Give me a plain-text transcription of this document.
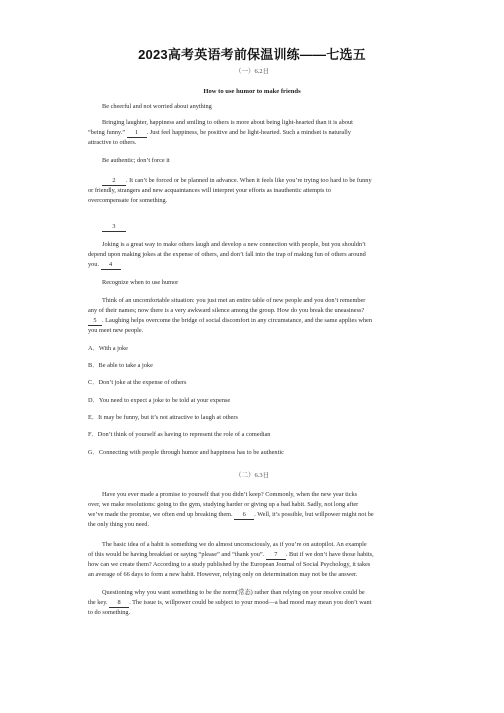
2023高考英语考前保温训练——七选五
（一）6.2日
How to use humor to make friends
Be cheerful and not worried about anything
Bringing laughter, happiness and smiling to others is more about being light-hearted than it is about
“being funny.” 1 . Just feel happiness, be positive and be light-hearted. Such a mindset is naturally
attractive to others.
Be authentic; don’t force it
2 . It can’t be forced or be planned in advance. When it feels like you’re trying too hard to be funny
or friendly, strangers and new acquaintances will interpret your efforts as inauthentic attempts to
overcompensate for something.
3
Joking is a great way to make others laugh and develop a new connection with people, but you shouldn’t
depend upon making jokes at the expense of others, and don’t fall into the trap of making fun of others around
you. 4
Recognize when to use humor
Think of an uncomfortable situation: you just met an entire table of new people and you don’t remember
any of their names; now there is a very awkward silence among the group. How do you break the uneasiness?
5 . Laughing helps overcome the bridge of social discomfort in any circumstance, and the same applies when
you meet new people.
A．With a joke
B．Be able to take a joke
C．Don’t joke at the expense of others
D．You need to expect a joke to be told at your expense
E．It may be funny, but it’s not attractive to laugh at others
F．Don’t think of yourself as having to represent the role of a comedian
G．Connecting with people through humor and happiness has to be authentic
（二）6.3日
Have you ever made a promise to yourself that you didn’t keep? Commonly, when the new year ticks
over, we make resolutions: going to the gym, studying harder or giving up a bad habit. Sadly, not long after
we’ve made the promise, we often end up breaking them. 6 . Well, it’s possible, but willpower might not be
the only thing you need.
The basic idea of a habit is something we do almost unconsciously, as if you’re on autopilot. An example
of this would be having breakfast or saying “please” and “thank you”. 7 . But if we don’t have those habits,
how can we create them? According to a study published by the European Journal of Social Psychology, it takes
an average of 66 days to form a new habit. However, relying only on determination may not be the answer.
Questioning why you want something to be the norm(常态) rather than relying on your resolve could be
the key. 8 . The issue is, willpower could be subject to your mood—a bad mood may mean you don’t want
to do something.
